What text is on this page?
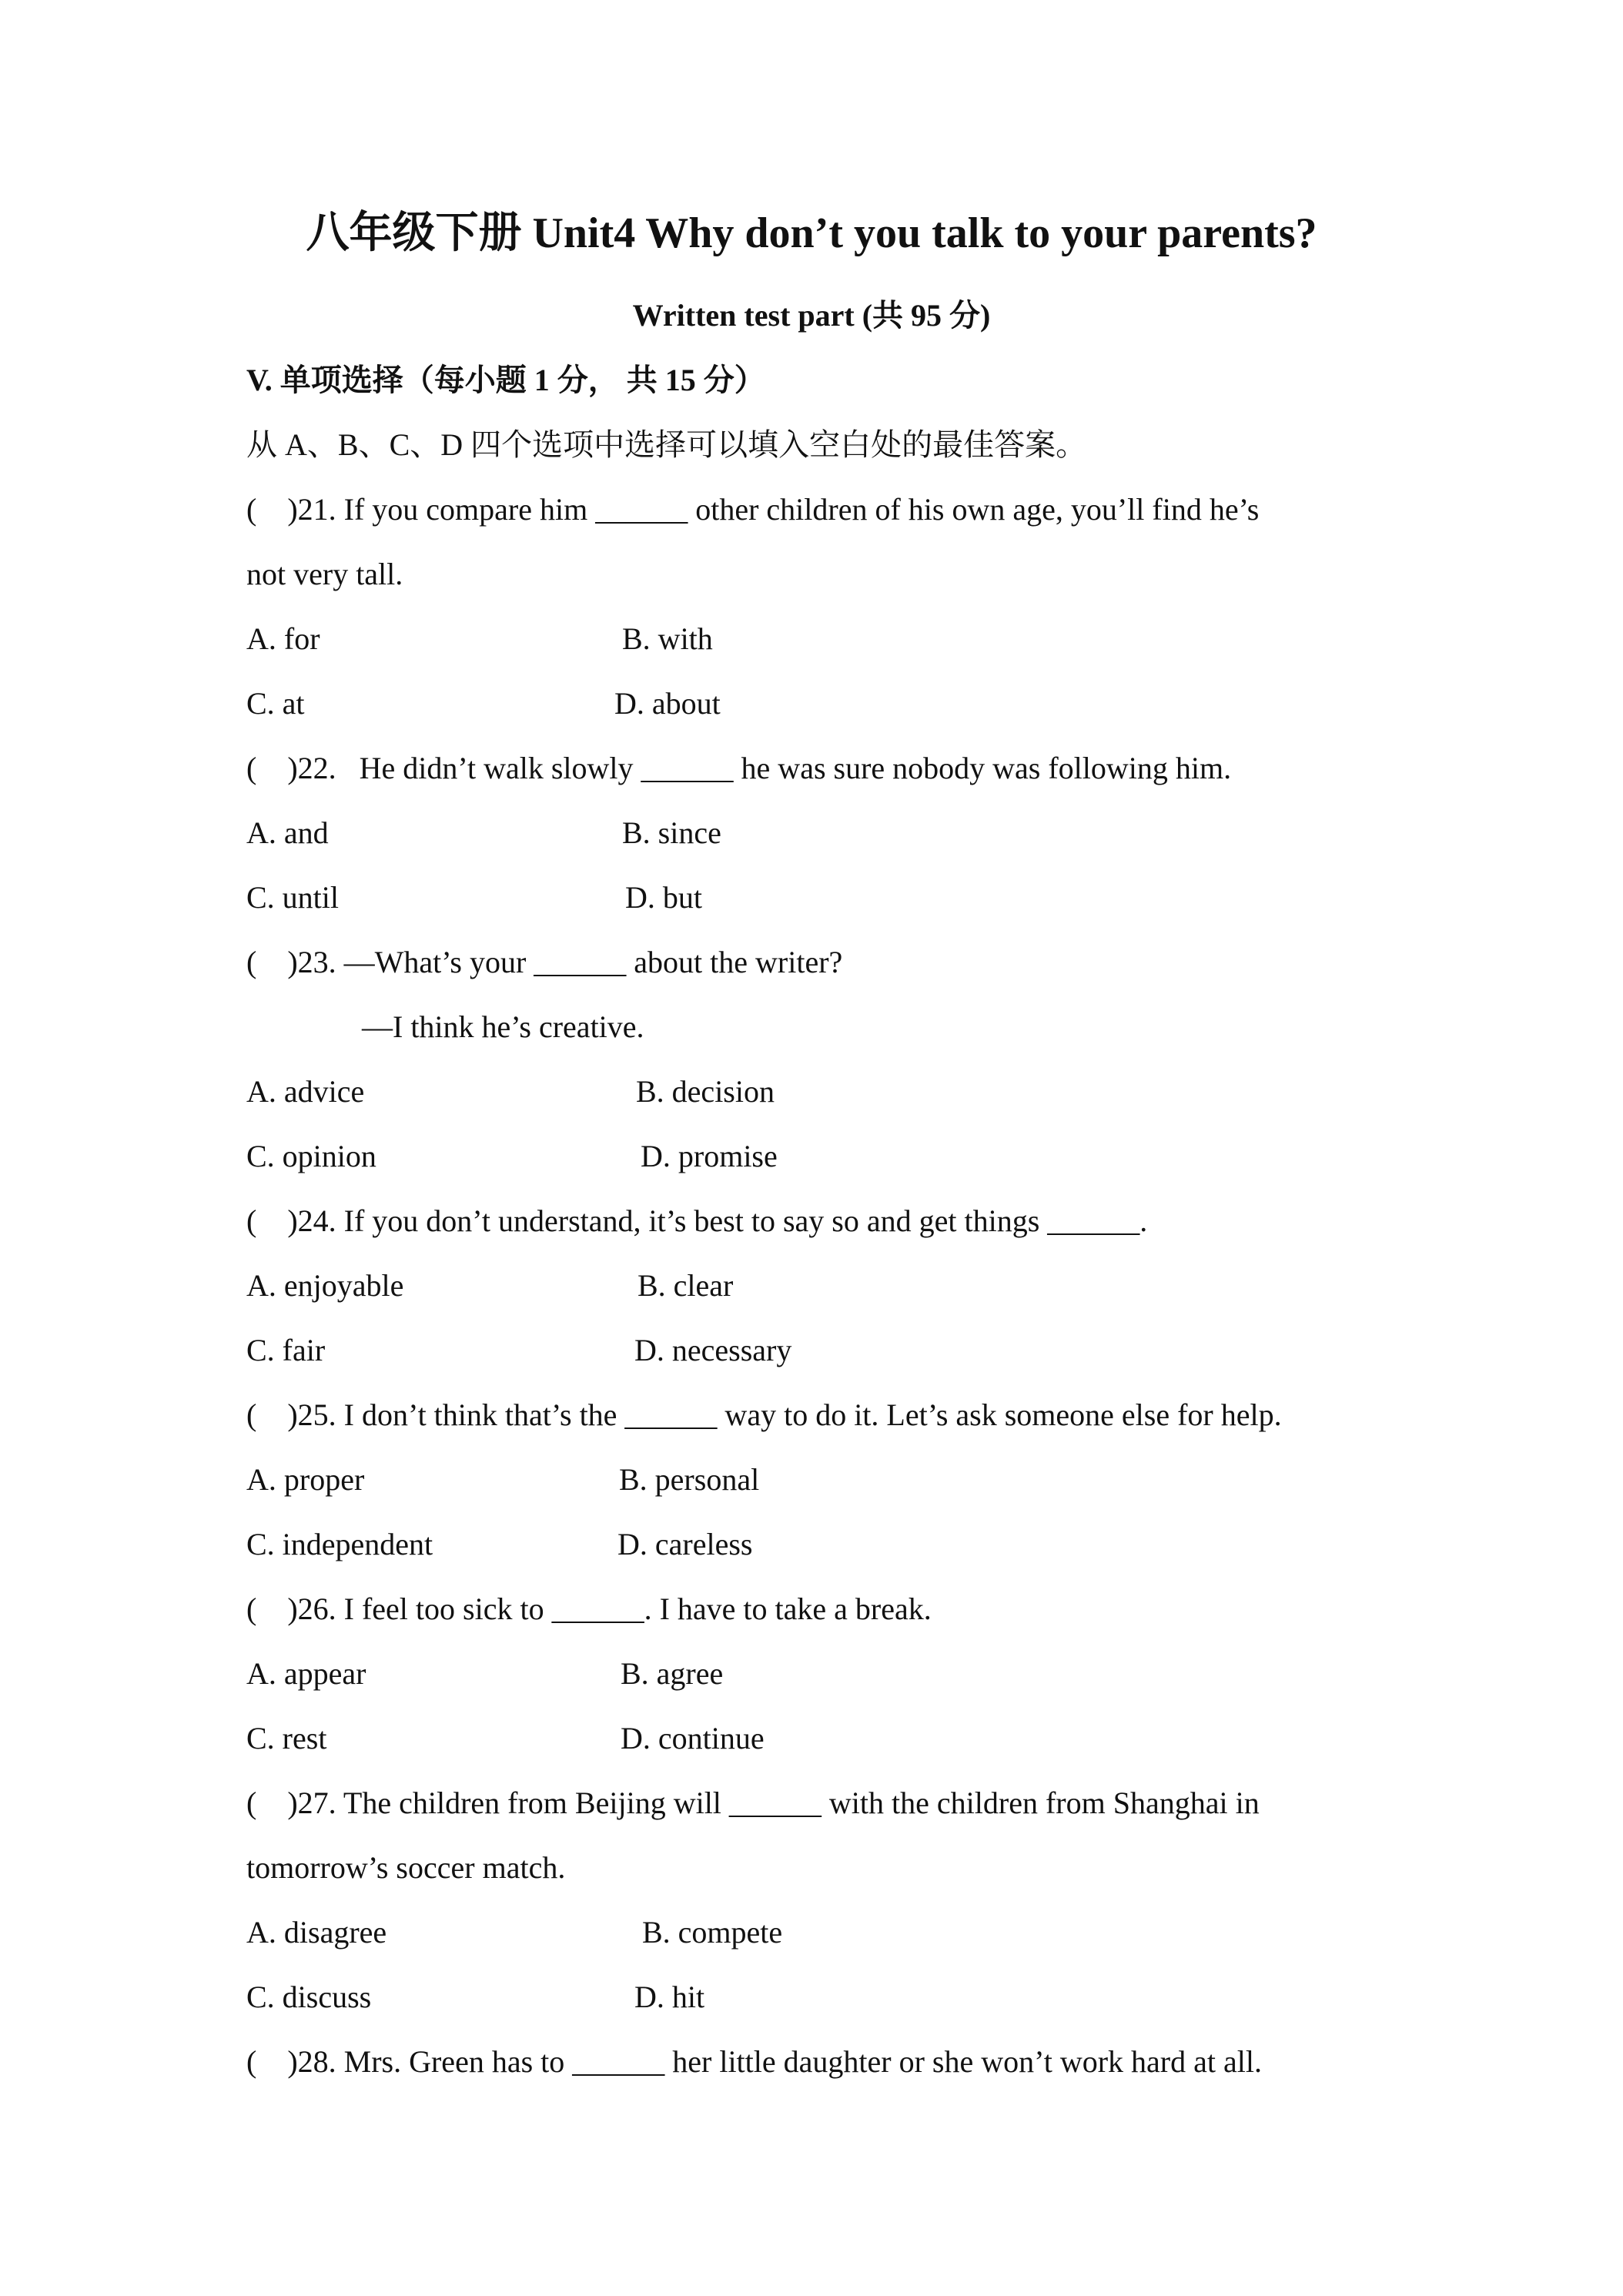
八年级下册 Unit4 Why don’t you talk to your parents?
Written test part (共 95 分)
V. 单项选择（每小题 1 分， 共 15 分）
从 A、B、C、D 四个选项中选择可以填入空白处的最佳答案。
(    )21. If you compare him ______ other children of his own age, you’ll find he’s
not very tall.
A. for	B. with
C. at	D. about
(    )22.   He didn’t walk slowly ______ he was sure nobody was following him.
A. and	B. since
C. until	D. but
(    )23. —What’s your ______ about the writer?
—I think he’s creative.
A. advice	B. decision
C. opinion	D. promise
(    )24. If you don’t understand, it’s best to say so and get things ______.
A. enjoyable	B. clear
C. fair	D. necessary
(    )25. I don’t think that’s the ______ way to do it. Let’s ask someone else for help.
A. proper	B. personal
C. independent	D. careless
(    )26. I feel too sick to ______. I have to take a break.
A. appear	B. agree
C. rest	D. continue
(    )27. The children from Beijing will ______ with the children from Shanghai in
tomorrow’s soccer match.
A. disagree	B. compete
C. discuss	D. hit
(    )28. Mrs. Green has to ______ her little daughter or she won’t work hard at all.
